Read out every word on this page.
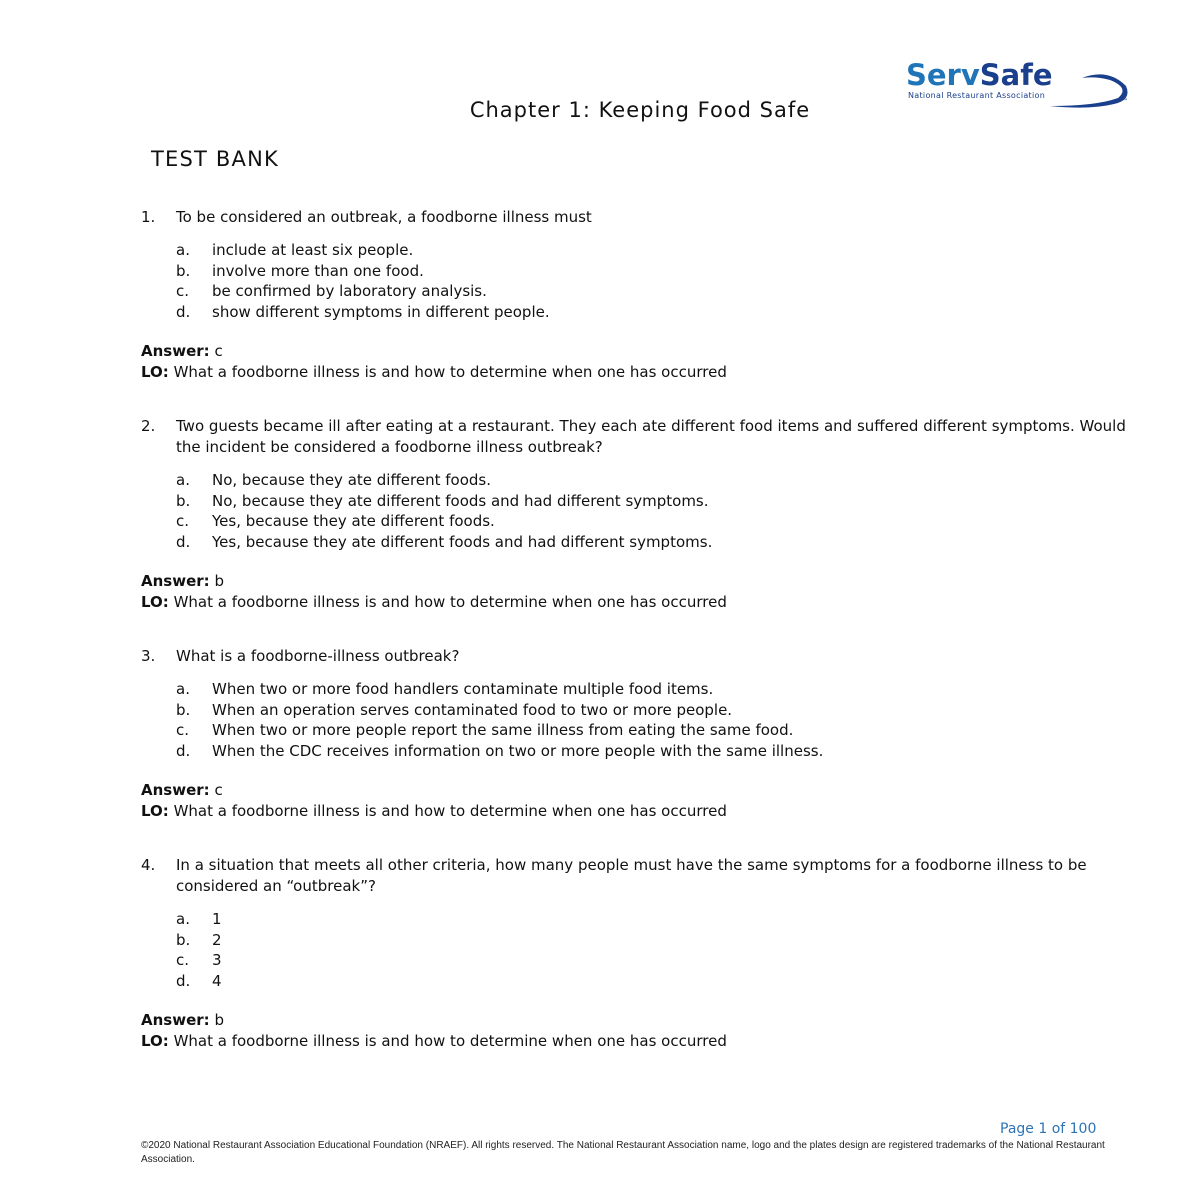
ServSafe
National Restaurant Association
™
Chapter 1: Keeping Food Safe
TEST BANK
1.	To be considered an outbreak, a foodborne illness must
a.	include at least six people.
b.	involve more than one food.
c.	be confirmed by laboratory analysis.
d.	show different symptoms in different people.
Answer: c
LO: What a foodborne illness is and how to determine when one has occurred
2.	Two guests became ill after eating at a restaurant. They each ate different food items and suffered different symptoms. Would the incident be considered a foodborne illness outbreak?
a.	No, because they ate different foods.
b.	No, because they ate different foods and had different symptoms.
c.	Yes, because they ate different foods.
d.	Yes, because they ate different foods and had different symptoms.
Answer: b
LO: What a foodborne illness is and how to determine when one has occurred
3.	What is a foodborne-illness outbreak?
a.	When two or more food handlers contaminate multiple food items.
b.	When an operation serves contaminated food to two or more people.
c.	When two or more people report the same illness from eating the same food.
d.	When the CDC receives information on two or more people with the same illness.
Answer: c
LO: What a foodborne illness is and how to determine when one has occurred
4.	In a situation that meets all other criteria, how many people must have the same symptoms for a foodborne illness to be considered an “outbreak”?
a.	1
b.	2
c.	3
d.	4
Answer: b
LO: What a foodborne illness is and how to determine when one has occurred
Page 1 of 100
©2020 National Restaurant Association Educational Foundation (NRAEF). All rights reserved. The National Restaurant Association name, logo and the plates design are registered trademarks of the National Restaurant Association.
